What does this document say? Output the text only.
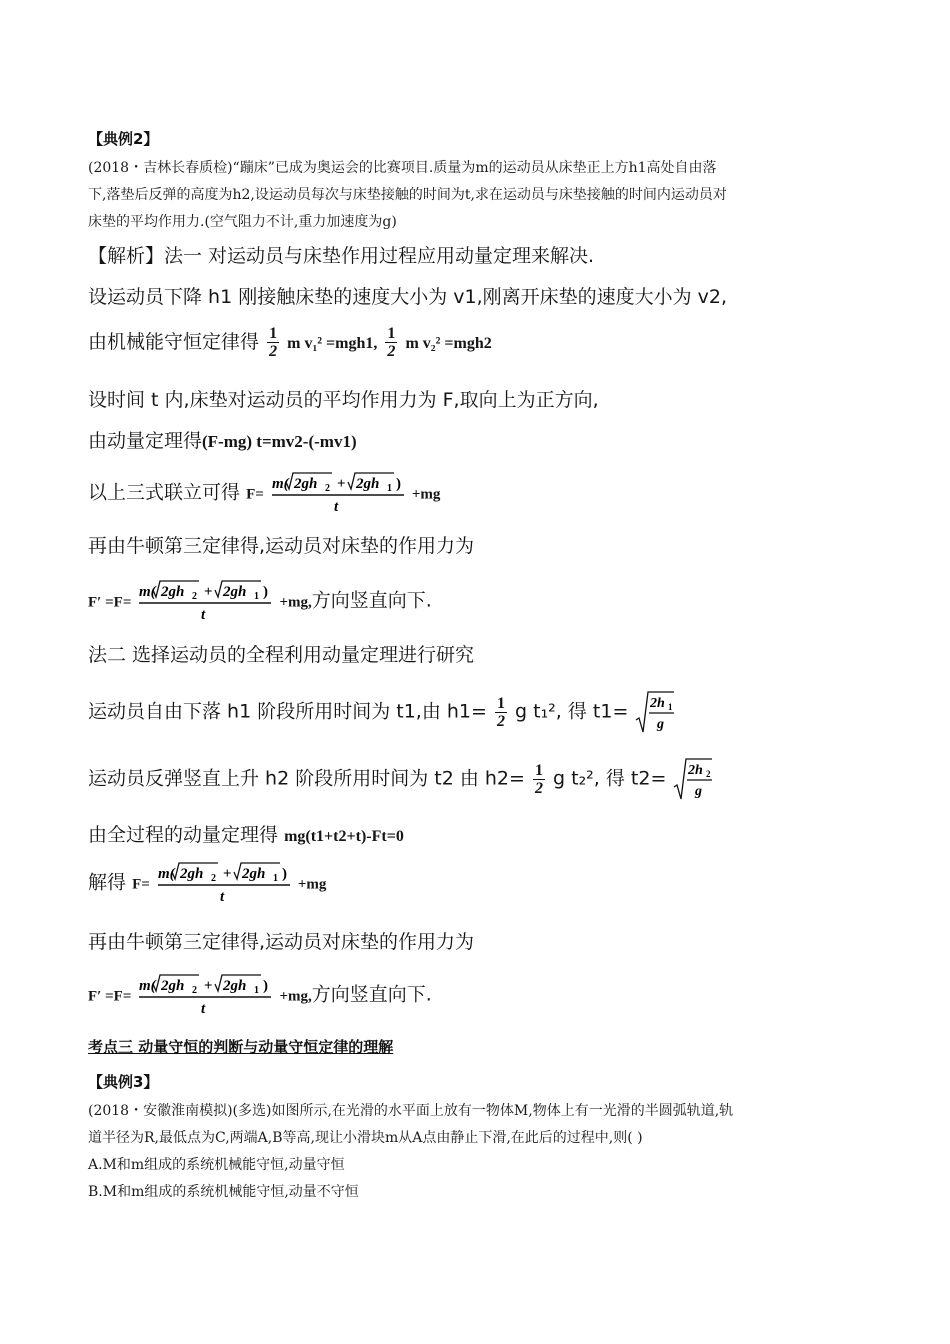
【典例2】
(2018・吉林长春质检)“蹦床”已成为奥运会的比赛项目.质量为m的运动员从床垫正上方h1高处自由落
下,落垫后反弹的高度为h2,设运动员每次与床垫接触的时间为t,求在运动员与床垫接触的时间内运动员对
床垫的平均作用力.(空气阻力不计,重力加速度为g)
【解析】法一 对运动员与床垫作用过程应用动量定理来解决.
设运动员下降 h1 刚接触床垫的速度大小为 v1,刚离开床垫的速度大小为 v2,
由机械能守恒定律得 $\frac{1}{2}$ m v₁² =mgh1, $\frac{1}{2}$ m v₂² =mgh2
设时间 t 内,床垫对运动员的平均作用力为 F,取向上为正方向,
由动量定理得(F-mg) t=mv2-(-mv1)
以上三式联立可得 F=
m( 2gh 2 + 2gh 1 )
t
+mg
再由牛顿第三定律得,运动员对床垫的作用力为
F′ =F=
m( 2gh 2 + 2gh 1 )
t
+mg,方向竖直向下.
法二 选择运动员的全程利用动量定理进行研究
运动员自由下落 h1 阶段所用时间为 t1,由 $h1= \frac{1}{2}$ g t₁², 得 t1= 2h 1
g
运动员反弹竖直上升 h2 阶段所用时间为 t2 由 $h2= \frac{1}{2}$ g t₂², 得 t2= 2h 2
g
由全过程的动量定理得 mg(t1+t2+t)-Ft=0
解得 F=
m( 2gh 2 + 2gh 1 )
t
+mg
再由牛顿第三定律得,运动员对床垫的作用力为
F′ =F=
m( 2gh 2 + 2gh 1 )
t
+mg,方向竖直向下.
考点三 动量守恒的判断与动量守恒定律的理解
【典例3】
(2018・安徽淮南模拟)(多选)如图所示,在光滑的水平面上放有一物体M,物体上有一光滑的半圆弧轨道,轨
道半径为R,最低点为C,两端A,B等高,现让小滑块m从A点由静止下滑,在此后的过程中,则( )
A.M和m组成的系统机械能守恒,动量守恒
B.M和m组成的系统机械能守恒,动量不守恒
